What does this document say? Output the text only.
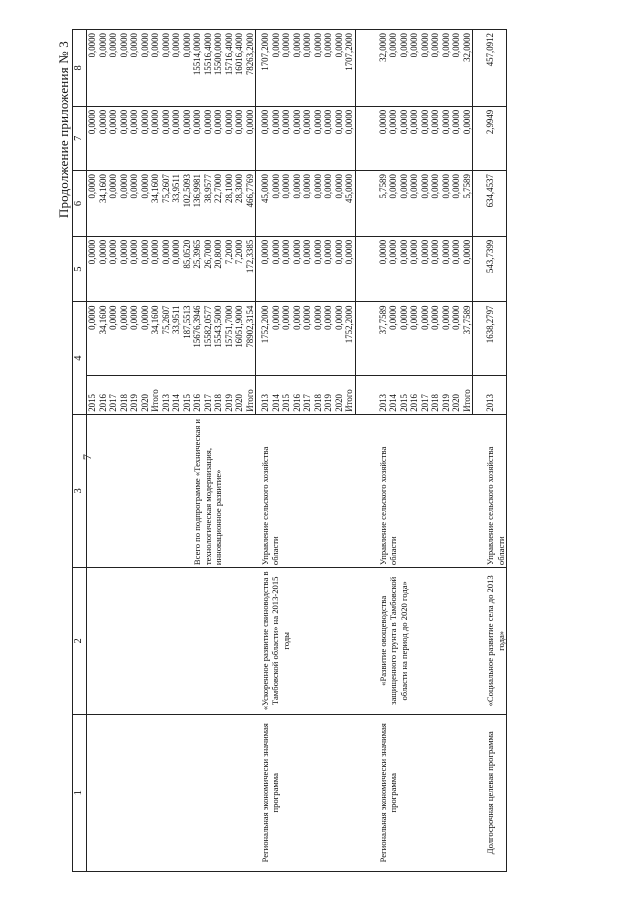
7
Продолжение приложения № 3
1	2	3	4		5	6	7	8
		Всего по подпрограмме «Техническая и технологическая модернизация, инновационное развитие»	2015	0,0000	0,0000	0,0000	0,0000	0,0000
			2016	34,1600	0,0000	34,1600	0,0000	0,0000
			2017	0,0000	0,0000	0,0000	0,0000	0,0000
			2018	0,0000	0,0000	0,0000	0,0000	0,0000
			2019	0,0000	0,0000	0,0000	0,0000	0,0000
			2020	0,0000	0,0000	0,0000	0,0000	0,0000
			Итого	34,1600	0,0000	34,1600	0,0000	0,0000
			2013	75,2607	0,0000	75,2607	0,0000	0,0000
			2014	33,9511	0,0000	33,9511	0,0000	0,0000
			2015	187,5513	85,0520	102,5093	0,0000	0,0000
			2016	15676,3946	25,3965	136,9981	0,0000	15514,0000
			2017	15582,0577	26,7000	38,9577	0,0000	15516,4000
			2018	15543,5000	20,8000	22,7000	0,0000	15500,0000
			2019	15751,7000	7,2000	28,1000	0,0000	15716,4000
			2020	16051,9000	7,2000	28,3000	0,0000	16016,4000
			Итого	78902,3154	172,3385	466,7769	0,0000	78263,2000
Региональная экономически значимая программа	«Ускоренное развитие свиноводства в Тамбовской области» на 2013-2015 годы	Управление сельского хозяйства области	2013	1752,2000	0,0000	45,0000	0,0000	1707,2000
			2014	0,0000	0,0000	0,0000	0,0000	0,0000
			2015	0,0000	0,0000	0,0000	0,0000	0,0000
			2016	0,0000	0,0000	0,0000	0,0000	0,0000
			2017	0,0000	0,0000	0,0000	0,0000	0,0000
			2018	0,0000	0,0000	0,0000	0,0000	0,0000
			2019	0,0000	0,0000	0,0000	0,0000	0,0000
			2020	0,0000	0,0000	0,0000	0,0000	0,0000
			Итого	1752,2000	0,0000	45,0000	0,0000	1707,2000

Региональная экономически значимая программа	«Развитие овощеводства защищенного грунта в Тамбовской области на период до 2020 года»	Управление сельского хозяйства области	2013	37,7589	0,0000	5,7589	0,0000	32,0000
			2014	0,0000	0,0000	0,0000	0,0000	0,0000
			2015	0,0000	0,0000	0,0000	0,0000	0,0000
			2016	0,0000	0,0000	0,0000	0,0000	0,0000
			2017	0,0000	0,0000	0,0000	0,0000	0,0000
			2018	0,0000	0,0000	0,0000	0,0000	0,0000
			2019	0,0000	0,0000	0,0000	0,0000	0,0000
			2020	0,0000	0,0000	0,0000	0,0000	0,0000
			Итого	37,7589	0,0000	5,7589	0,0000	32,0000

Долгосрочная целевая программа	«Социальное развитие села до 2013 года»	Управление сельского хозяйства области	2013	1638,2797	543,7399	634,4537	2,9949	457,0912
